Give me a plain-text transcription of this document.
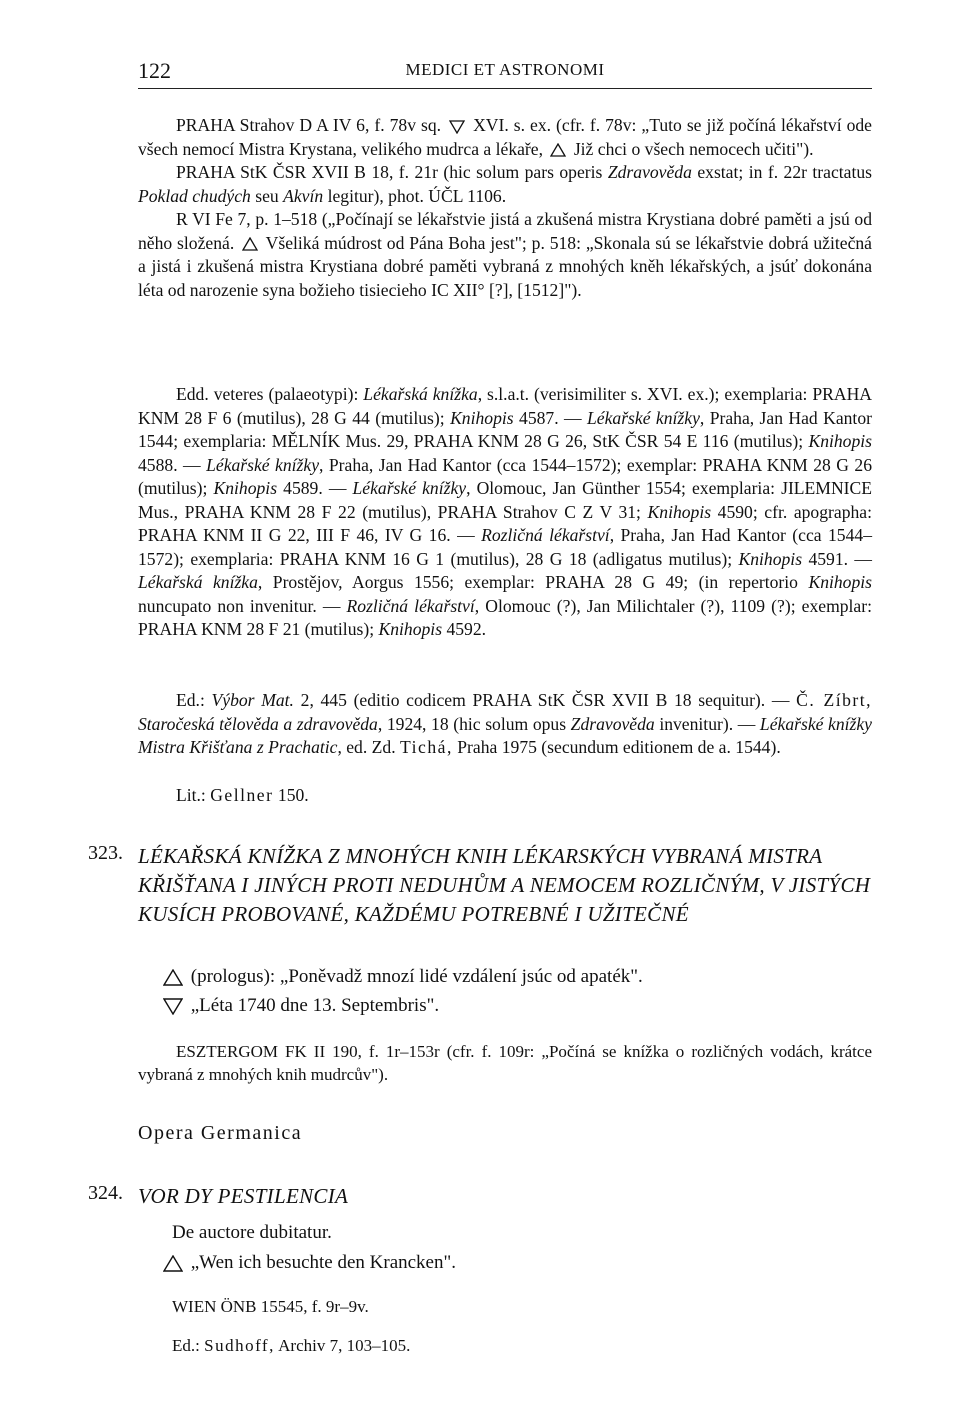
122	MEDICI ET ASTRONOMI

PRAHA Strahov D A IV 6, f. 78v sq. XVI. s. ex. (cfr. f. 78v: „Tuto se již počíná lékařství ode všech nemocí Mistra Krystana, velikého mudrca a lékaře, Již chci o všech nemocech učiti").

PRAHA StK ČSR XVII B 18, f. 21r (hic solum pars operis Zdravověda exstat; in f. 22r tractatus Poklad chudých seu Akvín legitur), phot. ÚČL 1106.

R VI Fe 7, p. 1–518 („Počínají se lékařstvie jistá a zkušená mistra Krystiana dobré paměti a jsú od něho složená. Všeliká múdrost od Pána Boha jest"; p. 518: „Skonala sú se lékařstvie dobrá užitečná a jistá i zkušená mistra Krystiana dobré paměti vybraná z mnohých kněh lékařských, a jsúť dokonána léta od narozenie syna božieho tisiecieho IC XII° [?], [1512]").

Edd. veteres (palaeotypi): Lékařská knížka, s.l.a.t. (verisimiliter s. XVI. ex.); exemplaria: PRAHA KNM 28 F 6 (mutilus), 28 G 44 (mutilus); Knihopis 4587. — Lékařské knížky, Praha, Jan Had Kantor 1544; exemplaria: MĚLNÍK Mus. 29, PRAHA KNM 28 G 26, StK ČSR 54 E 116 (mutilus); Knihopis 4588. — Lékařské knížky, Praha, Jan Had Kantor (cca 1544–1572); exemplar: PRAHA KNM 28 G 26 (mutilus); Knihopis 4589. — Lékařské knížky, Olomouc, Jan Günther 1554; exemplaria: JILEMNICE Mus., PRAHA KNM 28 F 22 (mutilus), PRAHA Strahov C Z V 31; Knihopis 4590; cfr. apographa: PRAHA KNM II G 22, III F 46, IV G 16. — Rozličná lékařství, Praha, Jan Had Kantor (cca 1544–1572); exemplaria: PRAHA KNM 16 G 1 (mutilus), 28 G 18 (adligatus mutilus); Knihopis 4591. — Lékařská knížka, Prostějov, Aorgus 1556; exemplar: PRAHA 28 G 49; (in repertorio Knihopis nuncupato non invenitur. — Rozličná lékařství, Olomouc (?), Jan Milichtaler (?), 1109 (?); exemplar: PRAHA KNM 28 F 21 (mutilus); Knihopis 4592.

Ed.: Výbor Mat. 2, 445 (editio codicem PRAHA StK ČSR XVII B 18 sequitur). — Č. Zíbrt, Staročeská tělověda a zdravověda, 1924, 18 (hic solum opus Zdravověda invenitur). — Lékařské knížky Mistra Křišťana z Prachatic, ed. Zd. Tichá, Praha 1975 (secundum editionem de a. 1544).

Lit.: Gellner 150.

323. LÉKAŘSKÁ KNÍŽKA Z MNOHÝCH KNIH LÉKARSKÝCH VYBRANÁ MISTRA KŘIŠŤANA I JINÝCH PROTI NEDUHŮM A NEMOCEM ROZLIČNÝM, V JISTÝCH KUSÍCH PROBOVANÉ, KAŽDÉMU POTREBNÉ I UŽITEČNÉ
(prologus): „Poněvadž mnozí lidé vzdálení jsúc od apaték".
„Léta 1740 dne 13. Septembris".

ESZTERGOM FK II 190, f. 1r–153r (cfr. f. 109r: „Počíná se knížka o rozličných vodách, krátce vybraná z mnohých knih mudrcův").

Opera Germanica
324. VOR DY PESTILENCIA
De auctore dubitatur.
„Wen ich besuchte den Krancken".
WIEN ÖNB 15545, f. 9r–9v.
Ed.: Sudhoff, Archiv 7, 103–105.
